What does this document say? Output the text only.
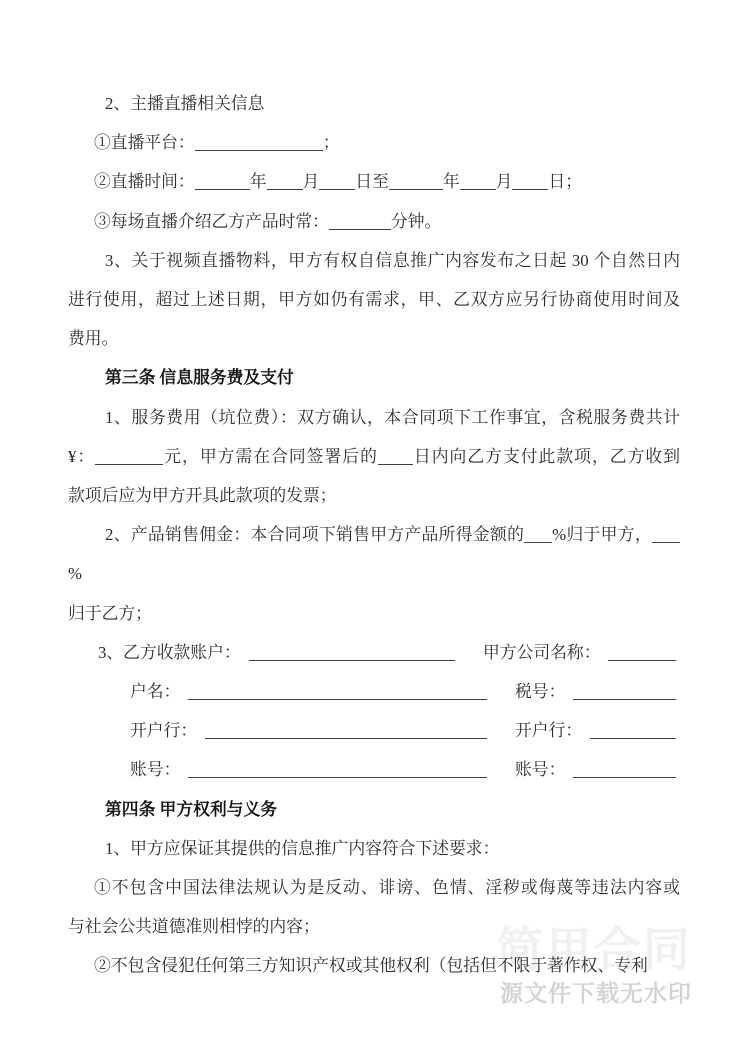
简用合同
源文件下载无水印
2、主播直播相关信息
①直播平台：	；
②直播时间：	年 月 日至	年 月 日；
③每场直播介绍乙方产品时常：	分钟。
3、关于视频直播物料，甲方有权自信息推广内容发布之日起 30 个自然日内
进行使用，超过上述日期，甲方如仍有需求，甲、乙双方应另行协商使用时间及
费用。
第三条 信息服务费及支付
1、服务费用（坑位费）：双方确认，本合同项下工作事宜，含税服务费共计
¥：	元，甲方需在合同签署后的 日内向乙方支付此款项，乙方收到
款项后应为甲方开具此款项的发票；
2、产品销售佣金：本合同项下销售甲方产品所得金额的 %归于甲方，%
归于乙方；
3、乙方收款账户：	甲方公司名称：
户名：	税号：
开户行：	开户行：
账号：	账号：
第四条 甲方权利与义务
1、甲方应保证其提供的信息推广内容符合下述要求：
①不包含中国法律法规认为是反动、诽谤、色情、淫秽或侮蔑等违法内容或
与社会公共道德准则相悖的内容；
②不包含侵犯任何第三方知识产权或其他权利（包括但不限于著作权、专利
